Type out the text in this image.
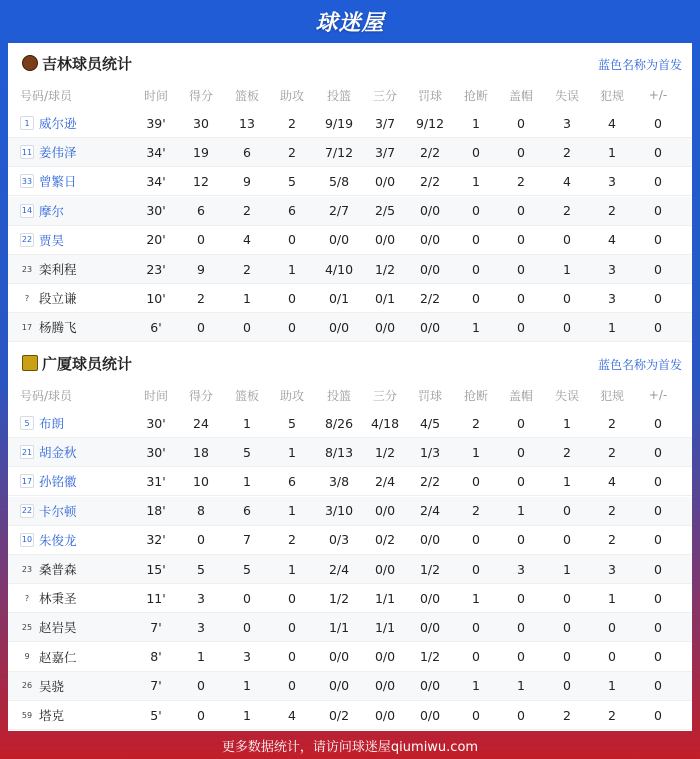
球迷屋
吉林球员统计	蓝色名称为首发
号码/球员	时间	得分	篮板	助攻	投篮	三分	罚球	抢断	盖帽	失误	犯规	+/-
1 威尔逊	39'	30	13	2	9/19	3/7	9/12	1	0	3	4	0
11 姜伟泽	34'	19	6	2	7/12	3/7	2/2	0	0	2	1	0
33 曾繁日	34'	12	9	5	5/8	0/0	2/2	1	2	4	3	0
14 摩尔	30'	6	2	6	2/7	2/5	0/0	0	0	2	2	0
22 贾昊	20'	0	4	0	0/0	0/0	0/0	0	0	0	4	0
23 栾利程	23'	9	2	1	4/10	1/2	0/0	0	0	1	3	0
? 段立谦	10'	2	1	0	0/1	0/1	2/2	0	0	0	3	0
17 杨腾飞	6'	0	0	0	0/0	0/0	0/0	1	0	0	1	0
广厦球员统计	蓝色名称为首发
号码/球员	时间	得分	篮板	助攻	投篮	三分	罚球	抢断	盖帽	失误	犯规	+/-
5 布朗	30'	24	1	5	8/26	4/18	4/5	2	0	1	2	0
21 胡金秋	30'	18	5	1	8/13	1/2	1/3	1	0	2	2	0
17 孙铭徽	31'	10	1	6	3/8	2/4	2/2	0	0	1	4	0
22 卡尔顿	18'	8	6	1	3/10	0/0	2/4	2	1	0	2	0
10 朱俊龙	32'	0	7	2	0/3	0/2	0/0	0	0	0	2	0
23 桑普森	15'	5	5	1	2/4	0/0	1/2	0	3	1	3	0
? 林秉圣	11'	3	0	0	1/2	1/1	0/0	1	0	0	1	0
25 赵岩昊	7'	3	0	0	1/1	1/1	0/0	0	0	0	0	0
9 赵嘉仁	8'	1	3	0	0/0	0/0	1/2	0	0	0	0	0
26 吴骁	7'	0	1	0	0/0	0/0	0/0	1	1	0	1	0
59 塔克	5'	0	1	4	0/2	0/0	0/0	0	0	2	2	0
更多数据统计，请访问球迷屋qiumiwu.com
